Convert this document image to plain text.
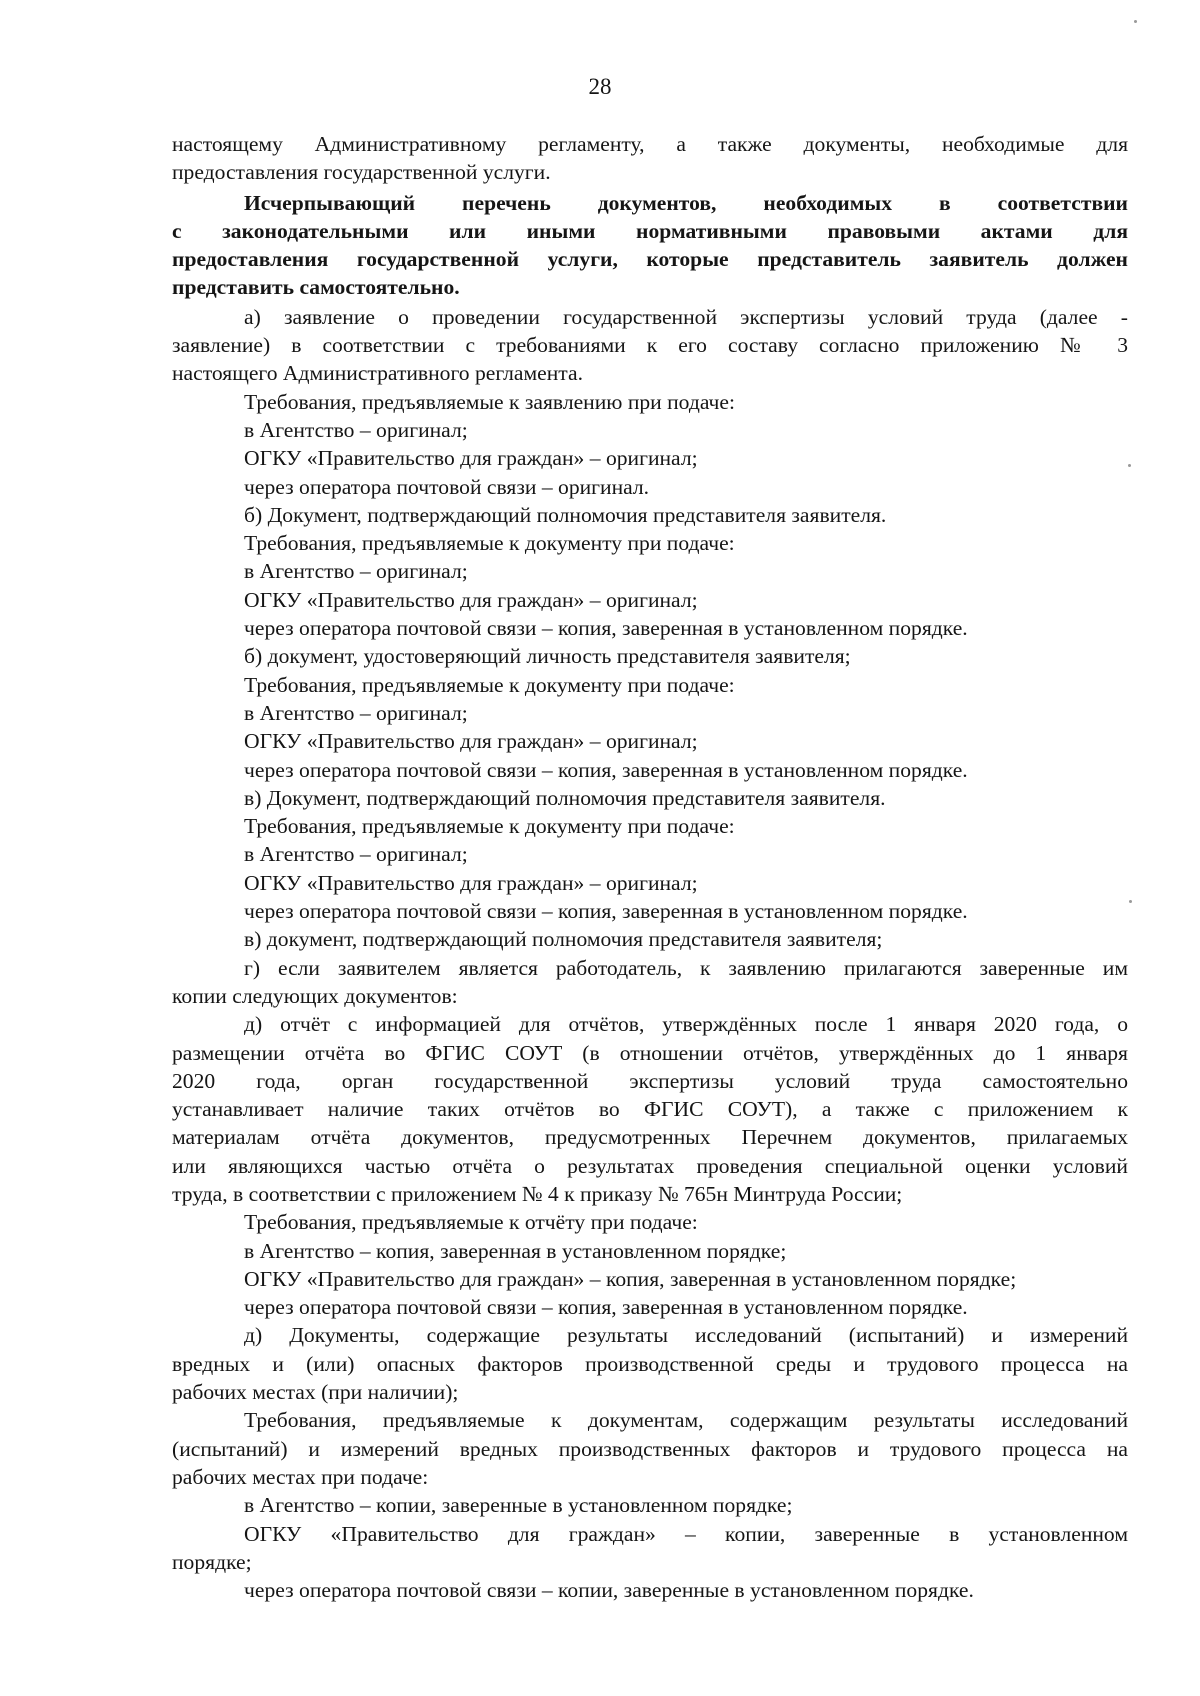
28
настоящему Административному регламенту, а также документы, необходимые для
предоставления государственной услуги.
Исчерпывающий перечень документов, необходимых в соответствии
с законодательными или иными нормативными правовыми актами для
предоставления государственной услуги, которые представитель заявитель должен
представить самостоятельно.
а) заявление о проведении государственной экспертизы условий труда (далее -
заявление) в соответствии с требованиями к его составу согласно приложению № 3
настоящего Административного регламента.
Требования, предъявляемые к заявлению при подаче:
в Агентство – оригинал;
ОГКУ «Правительство для граждан» – оригинал;
через оператора почтовой связи – оригинал.
б) Документ, подтверждающий полномочия представителя заявителя.
Требования, предъявляемые к документу при подаче:
в Агентство – оригинал;
ОГКУ «Правительство для граждан» – оригинал;
через оператора почтовой связи – копия, заверенная в установленном порядке.
б) документ, удостоверяющий личность представителя заявителя;
Требования, предъявляемые к документу при подаче:
в Агентство – оригинал;
ОГКУ «Правительство для граждан» – оригинал;
через оператора почтовой связи – копия, заверенная в установленном порядке.
в) Документ, подтверждающий полномочия представителя заявителя.
Требования, предъявляемые к документу при подаче:
в Агентство – оригинал;
ОГКУ «Правительство для граждан» – оригинал;
через оператора почтовой связи – копия, заверенная в установленном порядке.
в) документ, подтверждающий полномочия представителя заявителя;
г) если заявителем является работодатель, к заявлению прилагаются заверенные им
копии следующих документов:
д) отчёт с информацией для отчётов, утверждённых после 1 января 2020 года, о
размещении отчёта во ФГИС СОУТ (в отношении отчётов, утверждённых до 1 января
2020 года, орган государственной экспертизы условий труда самостоятельно
устанавливает наличие таких отчётов во ФГИС СОУТ), а также с приложением к
материалам отчёта документов, предусмотренных Перечнем документов, прилагаемых
или являющихся частью отчёта о результатах проведения специальной оценки условий
труда, в соответствии с приложением № 4 к приказу № 765н Минтруда России;
Требования, предъявляемые к отчёту при подаче:
в Агентство – копия, заверенная в установленном порядке;
ОГКУ «Правительство для граждан» – копия, заверенная в установленном порядке;
через оператора почтовой связи – копия, заверенная в установленном порядке.
д) Документы, содержащие результаты исследований (испытаний) и измерений
вредных и (или) опасных факторов производственной среды и трудового процесса на
рабочих местах (при наличии);
Требования, предъявляемые к документам, содержащим результаты исследований
(испытаний) и измерений вредных производственных факторов и трудового процесса на
рабочих местах при подаче:
в Агентство – копии, заверенные в установленном порядке;
ОГКУ «Правительство для граждан» – копии, заверенные в установленном
порядке;
через оператора почтовой связи – копии, заверенные в установленном порядке.
